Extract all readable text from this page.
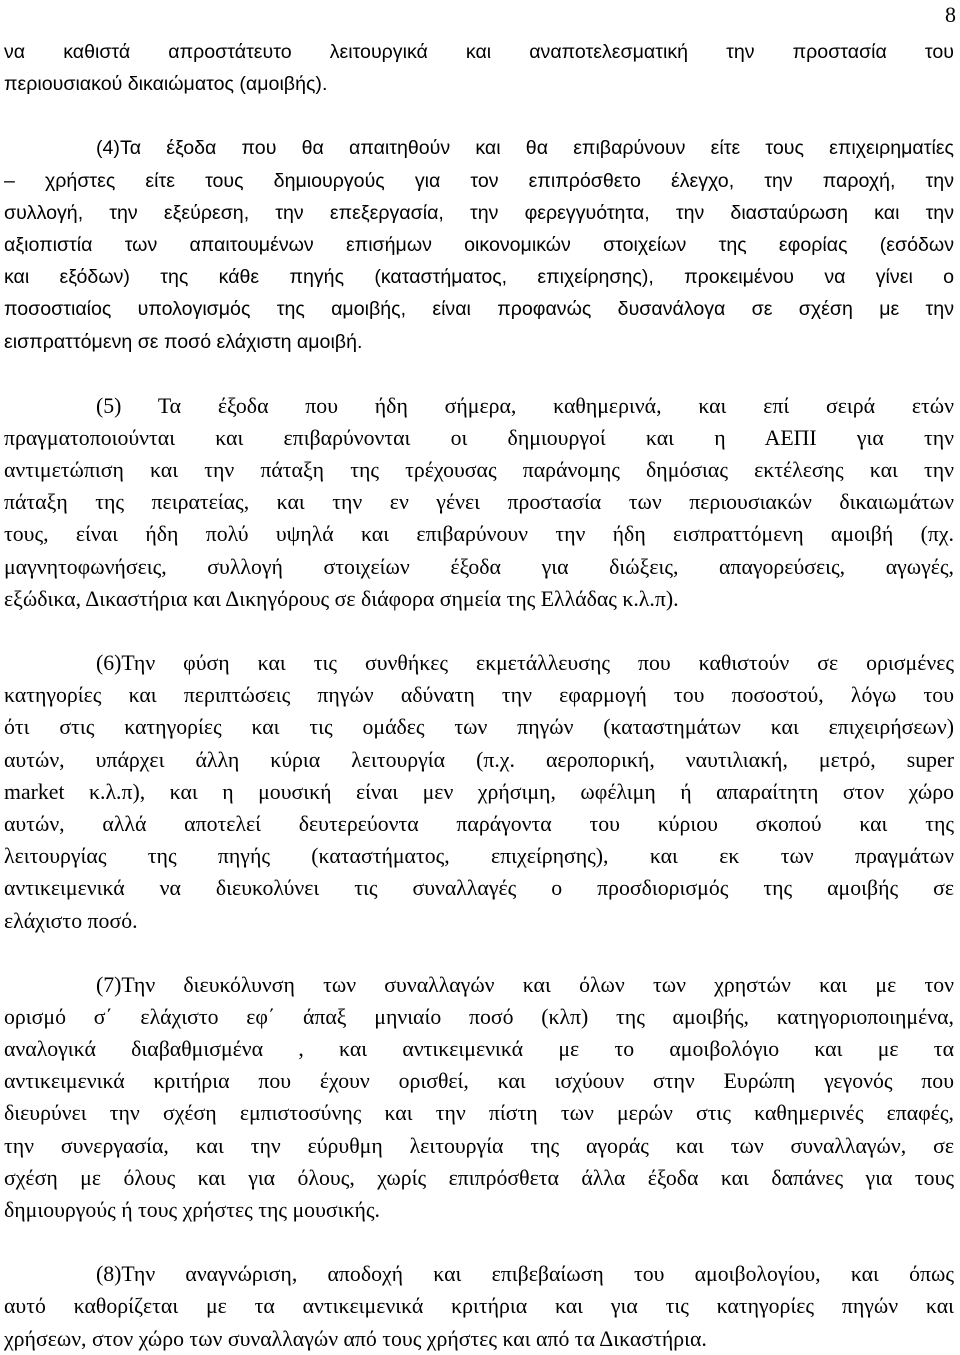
8
να καθιστά απροστάτευτο λειτουργικά και αναποτελεσματική την προστασία του
περιουσιακού δικαιώματος (αμοιβής).
(4)Τα έξοδα που θα απαιτηθούν και θα επιβαρύνουν είτε τους επιχειρηματίες
– χρήστες είτε τους δημιουργούς για τον επιπρόσθετο έλεγχο, την παροχή, την
συλλογή, την εξεύρεση, την επεξεργασία, την φερεγγυότητα, την διασταύρωση και την
αξιοπιστία των απαιτουμένων επισήμων οικονομικών στοιχείων της εφορίας (εσόδων
και εξόδων) της κάθε πηγής (καταστήματος, επιχείρησης), προκειμένου να γίνει ο
ποσοστιαίος υπολογισμός της αμοιβής, είναι προφανώς δυσανάλογα σε σχέση με την
εισπραττόμενη σε ποσό ελάχιστη αμοιβή.
(5) Τα έξοδα που ήδη σήμερα, καθημερινά, και επί σειρά ετών
πραγματοποιούνται και επιβαρύνονται οι δημιουργοί και η ΑΕΠΙ για την
αντιμετώπιση και την πάταξη της τρέχουσας παράνομης δημόσιας εκτέλεσης και την
πάταξη της πειρατείας, και την εν γένει προστασία των περιουσιακών δικαιωμάτων
τους, είναι ήδη πολύ υψηλά και επιβαρύνουν την ήδη εισπραττόμενη αμοιβή (πχ.
μαγνητοφωνήσεις, συλλογή στοιχείων έξοδα για διώξεις, απαγορεύσεις, αγωγές,
εξώδικα, Δικαστήρια και Δικηγόρους σε διάφορα σημεία της Ελλάδας κ.λ.π).
(6)Την φύση και τις συνθήκες εκμετάλλευσης που καθιστούν σε ορισμένες
κατηγορίες και περιπτώσεις πηγών αδύνατη την εφαρμογή του ποσοστού, λόγω του
ότι στις κατηγορίες και τις ομάδες των πηγών (καταστημάτων και επιχειρήσεων)
αυτών, υπάρχει άλλη κύρια λειτουργία (π.χ. αεροπορική, ναυτιλιακή, μετρό, super
market κ.λ.π), και η μουσική είναι μεν χρήσιμη, ωφέλιμη ή απαραίτητη στον χώρο
αυτών, αλλά αποτελεί δευτερεύοντα παράγοντα του κύριου σκοπού και της
λειτουργίας της πηγής (καταστήματος, επιχείρησης), και εκ των πραγμάτων
αντικειμενικά να διευκολύνει τις συναλλαγές ο προσδιορισμός της αμοιβής σε
ελάχιστο ποσό.
(7)Την διευκόλυνση των συναλλαγών και όλων των χρηστών και με τον
ορισμό σ΄ ελάχιστο εφ΄ άπαξ μηνιαίο ποσό (κλπ) της αμοιβής, κατηγοριοποιημένα,
αναλογικά διαβαθμισμένα , και αντικειμενικά με το αμοιβολόγιο και με τα
αντικειμενικά κριτήρια που έχουν ορισθεί, και ισχύουν στην Ευρώπη γεγονός που
διευρύνει την σχέση εμπιστοσύνης και την πίστη των μερών στις καθημερινές επαφές,
την συνεργασία, και την εύρυθμη λειτουργία της αγοράς και των συναλλαγών, σε
σχέση με όλους και για όλους, χωρίς επιπρόσθετα άλλα έξοδα και δαπάνες για τους
δημιουργούς ή τους χρήστες της μουσικής.
(8)Την αναγνώριση, αποδοχή και επιβεβαίωση του αμοιβολογίου, και όπως
αυτό καθορίζεται με τα αντικειμενικά κριτήρια και για τις κατηγορίες πηγών και
χρήσεων, στον χώρο των συναλλαγών από τους χρήστες και από τα Δικαστήρια.
